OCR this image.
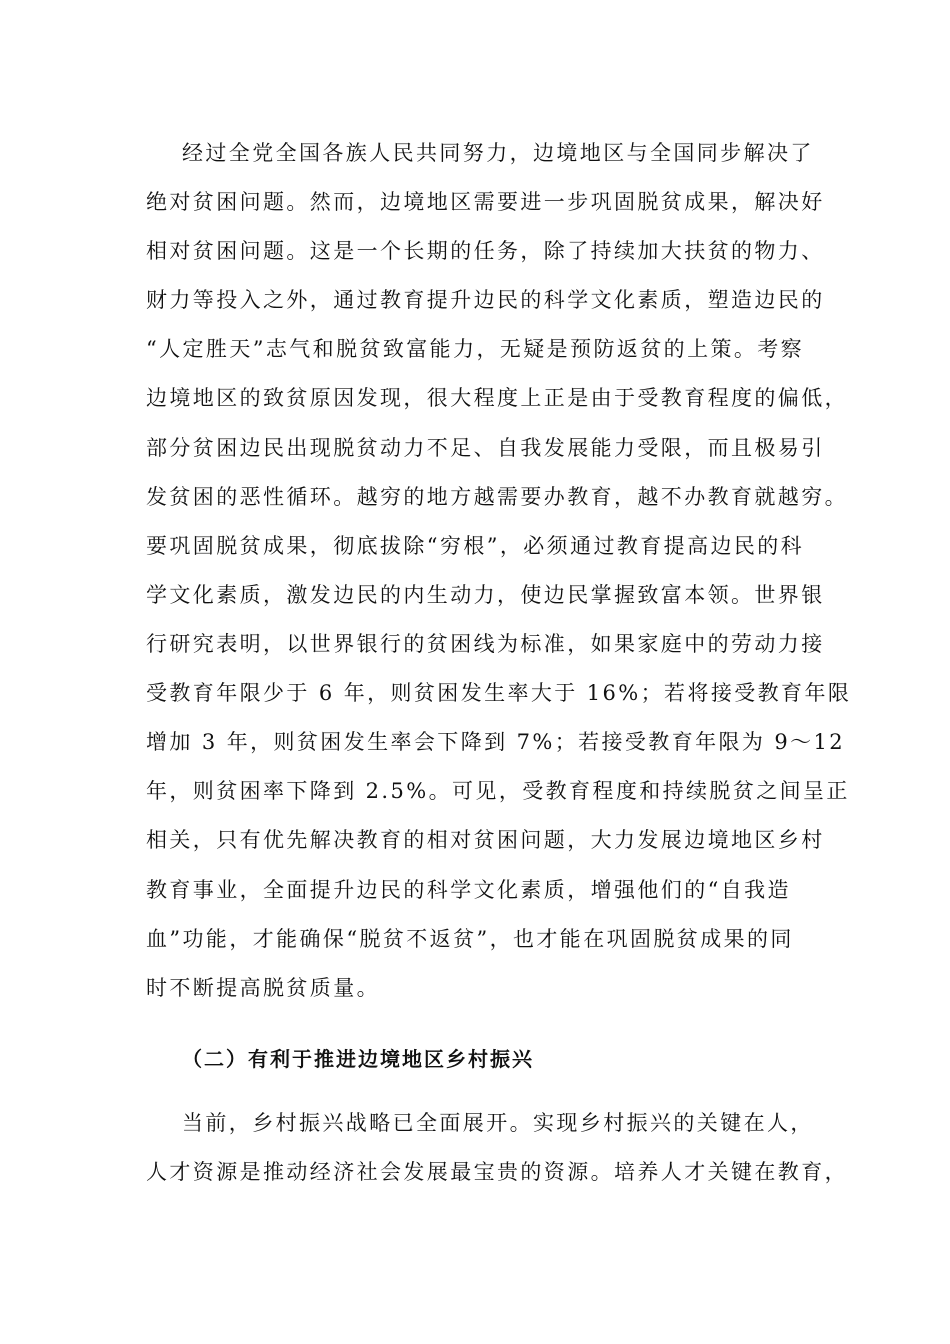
经过全党全国各族人民共同努力，边境地区与全国同步解决了
绝对贫困问题。然而，边境地区需要进一步巩固脱贫成果，解决好
相对贫困问题。这是一个长期的任务，除了持续加大扶贫的物力、
财力等投入之外，通过教育提升边民的科学文化素质，塑造边民的
“人定胜天”志气和脱贫致富能力，无疑是预防返贫的上策。考察
边境地区的致贫原因发现，很大程度上正是由于受教育程度的偏低，
部分贫困边民出现脱贫动力不足、自我发展能力受限，而且极易引
发贫困的恶性循环。越穷的地方越需要办教育，越不办教育就越穷。
要巩固脱贫成果，彻底拔除“穷根”，必须通过教育提高边民的科
学文化素质，激发边民的内生动力，使边民掌握致富本领。世界银
行研究表明，以世界银行的贫困线为标准，如果家庭中的劳动力接
受教育年限少于 6 年，则贫困发生率大于 16%；若将接受教育年限
增加 3 年，则贫困发生率会下降到 7%；若接受教育年限为 9～12
年，则贫困率下降到 2.5%。可见，受教育程度和持续脱贫之间呈正
相关，只有优先解决教育的相对贫困问题，大力发展边境地区乡村
教育事业，全面提升边民的科学文化素质，增强他们的“自我造
血”功能，才能确保“脱贫不返贫”，也才能在巩固脱贫成果的同
时不断提高脱贫质量。
（二）有利于推进边境地区乡村振兴
当前，乡村振兴战略已全面展开。实现乡村振兴的关键在人，
人才资源是推动经济社会发展最宝贵的资源。培养人才关键在教育，
